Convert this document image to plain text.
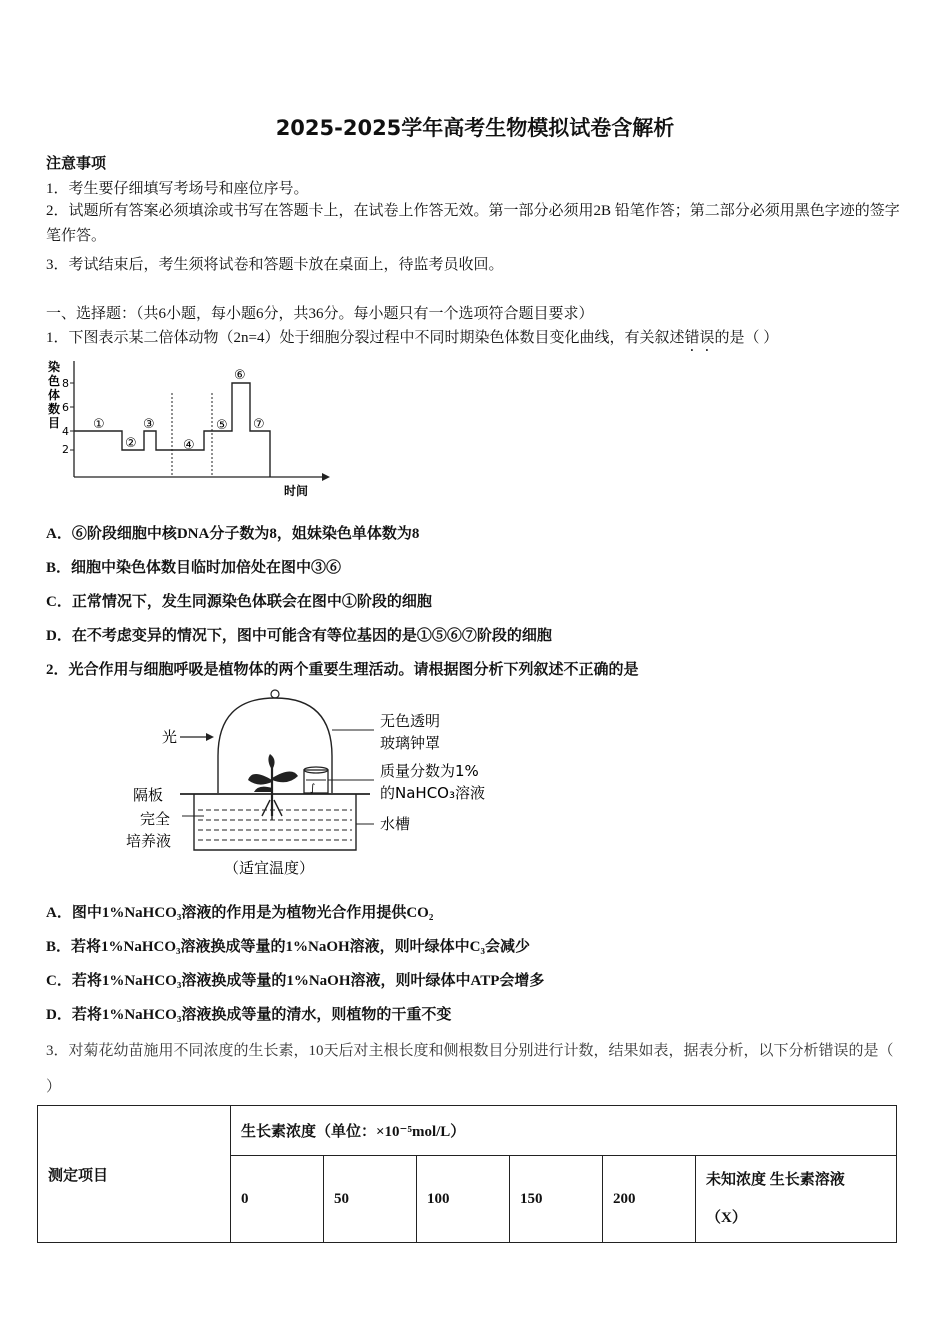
2025-2025学年高考生物模拟试卷含解析
注意事项
1．考生要仔细填写考场号和座位序号。
2．试题所有答案必须填涂或书写在答题卡上，在试卷上作答无效。第一部分必须用2B 铅笔作答；第二部分必须用黑色字迹的签字笔作答。
3．考试结束后，考生须将试卷和答题卡放在桌面上，待监考员收回。
一、选择题：（共6小题，每小题6分，共36分。每小题只有一个选项符合题目要求）
1．下图表示某二倍体动物（2n=4）处于细胞分裂过程中不同时期染色体数目变化曲线，有关叙述错误的是（ ）
染
色
体
数
目
8
6
4
2
①
②
③
④
⑤
⑥
⑦
时间
A．⑥阶段细胞中核DNA分子数为8，姐妹染色单体数为8
B．细胞中染色体数目临时加倍处在图中③⑥
C．正常情况下，发生同源染色体联会在图中①阶段的细胞
D．在不考虑变异的情况下，图中可能含有等位基因的是①⑤⑥⑦阶段的细胞
2．光合作用与细胞呼吸是植物体的两个重要生理活动。请根据图分析下列叙述不正确的是
∫
光
无色透明
玻璃钟罩
质量分数为1%
的NaHCO₃溶液
水槽
隔板
完全
培养液
（适宜温度）
A．图中1%NaHCO₃溶液的作用是为植物光合作用提供CO₂
B．若将1%NaHCO₃溶液换成等量的1%NaOH溶液，则叶绿体中C₃会减少
C．若将1%NaHCO₃溶液换成等量的1%NaOH溶液，则叶绿体中ATP会增多
D．若将1%NaHCO₃溶液换成等量的清水，则植物的干重不变
3．对菊花幼苗施用不同浓度的生长素，10天后对主根长度和侧根数目分别进行计数，结果如表，据表分析，以下分析错误的是（ ）
测定项目	生长素浓度（单位：×10⁻⁵mol/L）					
	0	50	100	150	200	未知浓度 生长素溶液
（X）
